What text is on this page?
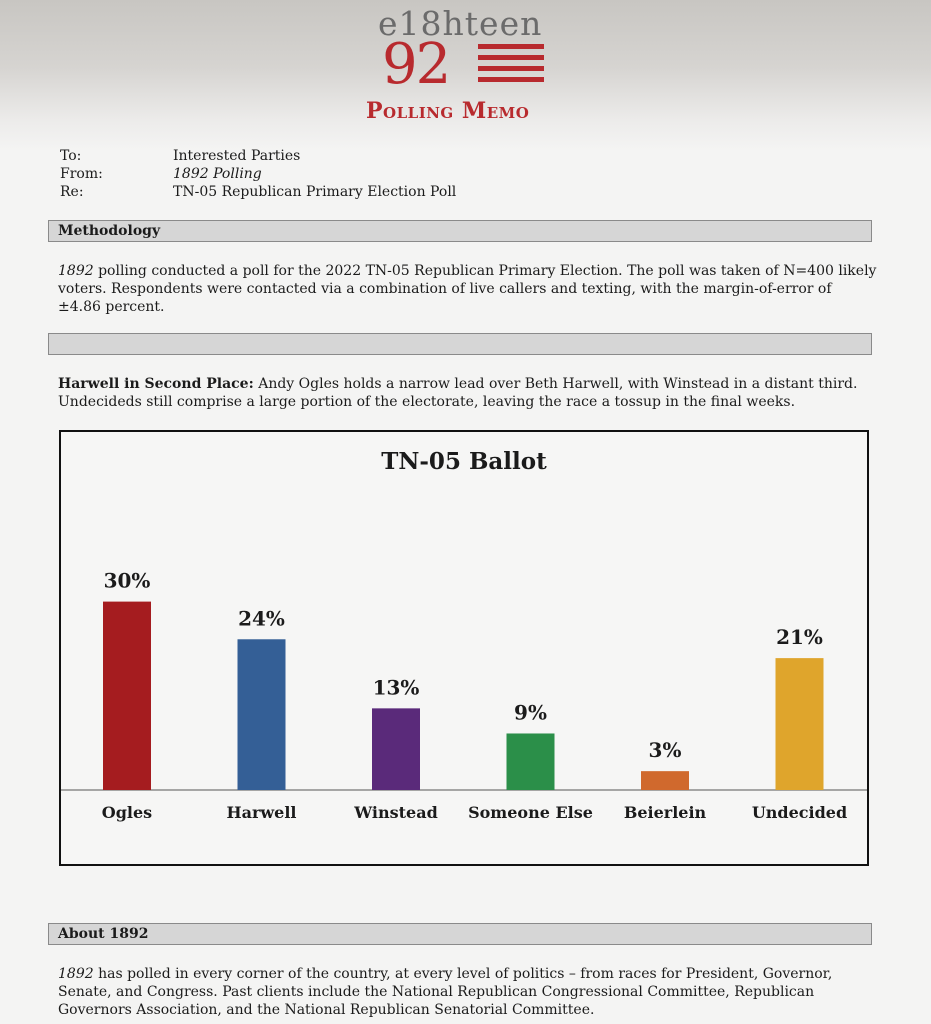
e18hteen
92
Polling Memo
To:	Interested Parties
From:	1892 Polling
Re:	TN-05 Republican Primary Election Poll
Methodology
1892 polling conducted a poll for the 2022 TN-05 Republican Primary Election. The poll was taken of N=400 likely voters. Respondents were contacted via a combination of live callers and texting, with the margin-of-error of ±4.86 percent.
Harwell in Second Place: Andy Ogles holds a narrow lead over Beth Harwell, with Winstead in a distant third. Undecideds still comprise a large portion of the electorate, leaving the race a tossup in the final weeks.
TN-05 Ballot
30%
Ogles
24%
Harwell
13%
Winstead
9%
Someone Else
3%
Beierlein
21%
Undecided
About 1892
1892 has polled in every corner of the country, at every level of politics – from races for President, Governor, Senate, and Congress. Past clients include the National Republican Congressional Committee, Republican Governors Association, and the National Republican Senatorial Committee.
